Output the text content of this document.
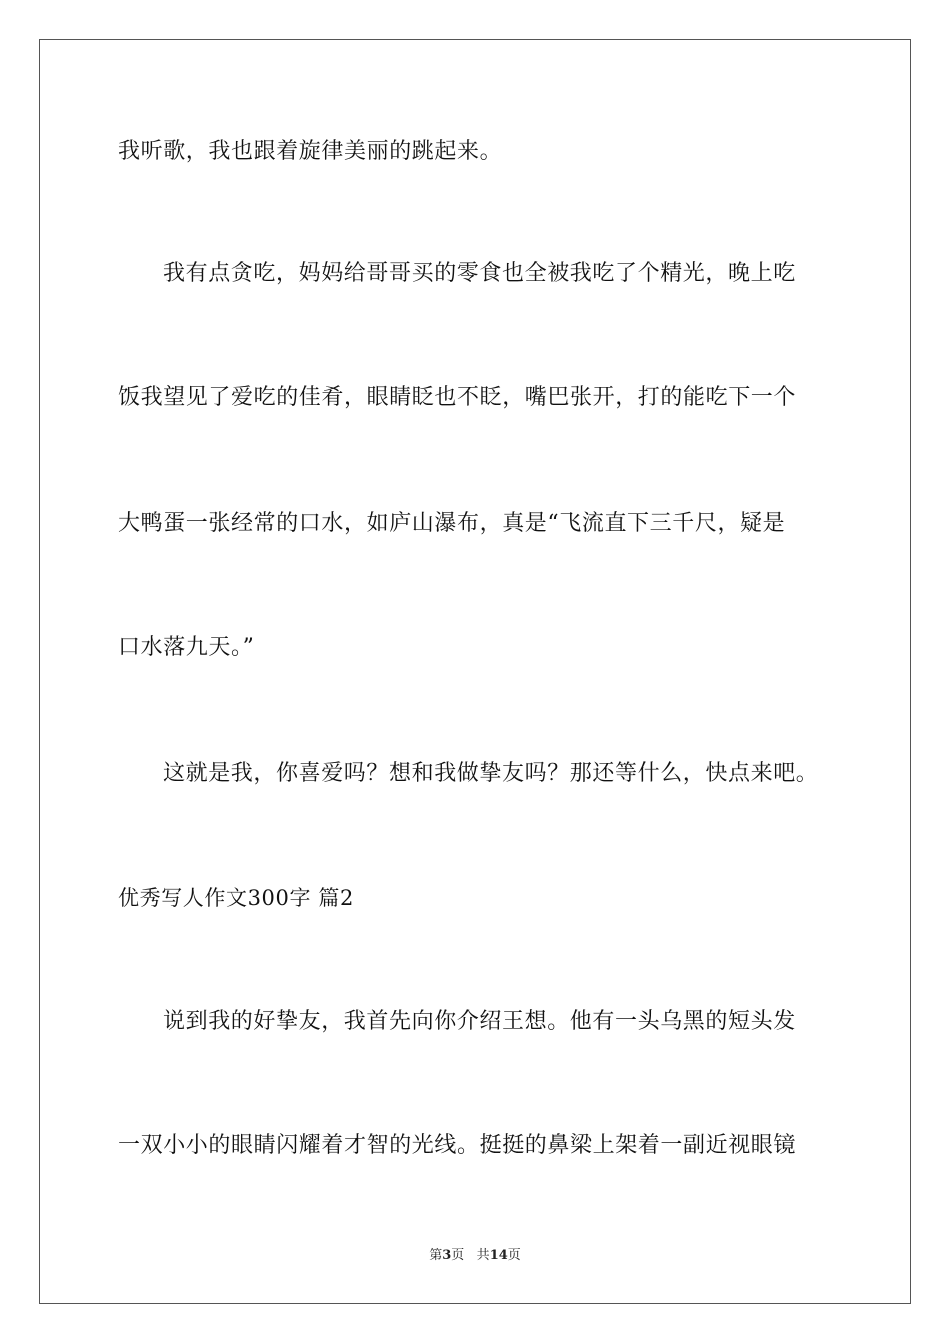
我听歌，我也跟着旋律美丽的跳起来。
我有点贪吃，妈妈给哥哥买的零食也全被我吃了个精光，晚上吃
饭我望见了爱吃的佳肴，眼睛眨也不眨，嘴巴张开，打的能吃下一个
大鸭蛋一张经常的口水，如庐山瀑布，真是“飞流直下三千尺，疑是
口水落九天。”
这就是我，你喜爱吗？想和我做挚友吗？那还等什么，快点来吧。
优秀写人作文300字 篇2
说到我的好挚友，我首先向你介绍王想。他有一头乌黑的短头发
一双小小的眼睛闪耀着才智的光线。挺挺的鼻梁上架着一副近视眼镜
第3页 共14页
